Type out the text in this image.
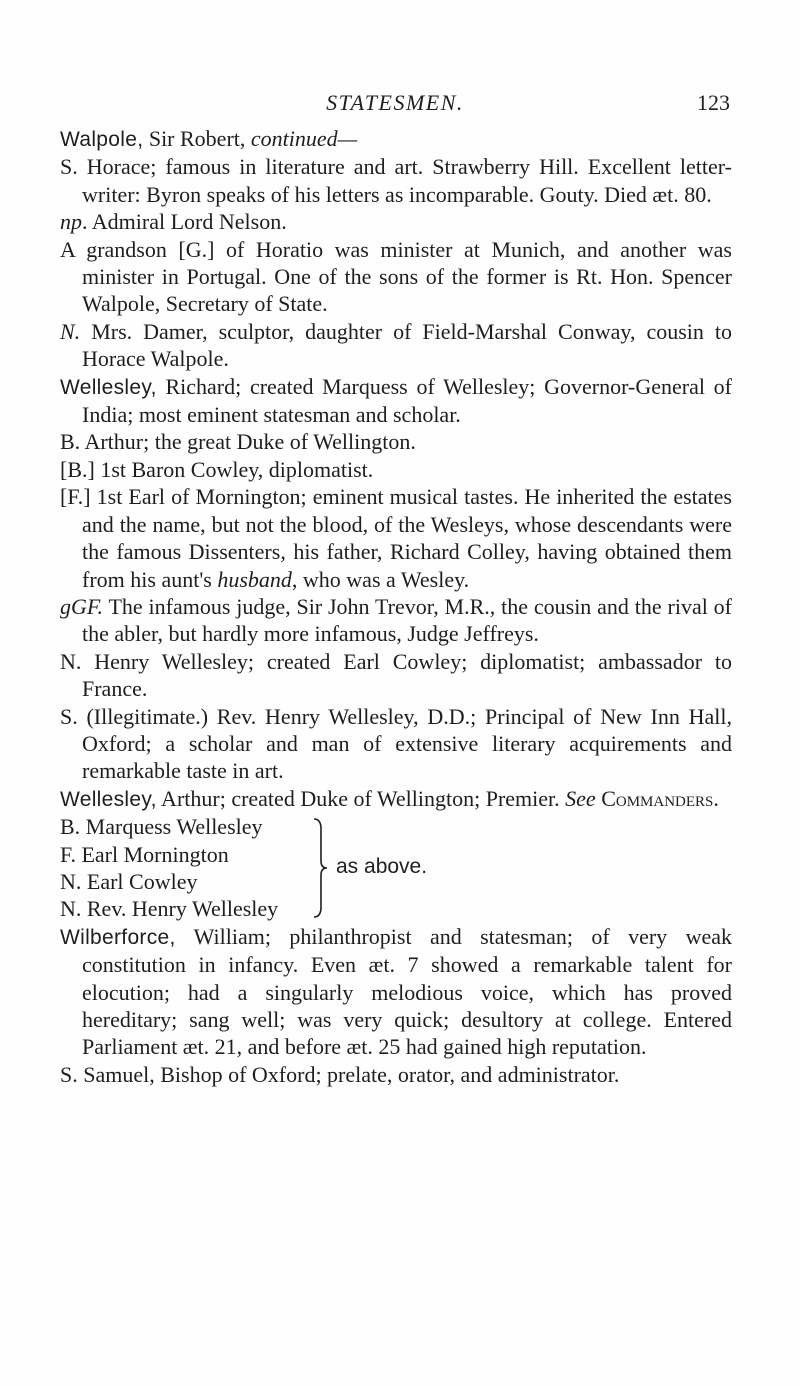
STATESMEN.	123
Walpole, Sir Robert, continued—
S. Horace; famous in literature and art. Strawberry Hill. Excellent letter-writer: Byron speaks of his letters as incomparable. Gouty. Died æt. 80.
np. Admiral Lord Nelson.
A grandson [G.] of Horatio was minister at Munich, and another was minister in Portugal. One of the sons of the former is Rt. Hon. Spencer Walpole, Secretary of State.
N. Mrs. Damer, sculptor, daughter of Field-Marshal Conway, cousin to Horace Walpole.
Wellesley, Richard; created Marquess of Wellesley; Governor-General of India; most eminent statesman and scholar.
B. Arthur; the great Duke of Wellington.
[B.] 1st Baron Cowley, diplomatist.
[F.] 1st Earl of Mornington; eminent musical tastes. He inherited the estates and the name, but not the blood, of the Wesleys, whose descendants were the famous Dissenters, his father, Richard Colley, having obtained them from his aunt's husband, who was a Wesley.
gGF. The infamous judge, Sir John Trevor, M.R., the cousin and the rival of the abler, but hardly more infamous, Judge Jeffreys.
N. Henry Wellesley; created Earl Cowley; diplomatist; ambassador to France.
S. (Illegitimate.) Rev. Henry Wellesley, D.D.; Principal of New Inn Hall, Oxford; a scholar and man of extensive literary acquirements and remarkable taste in art.
Wellesley, Arthur; created Duke of Wellington; Premier. See Commanders.
B. Marquess Wellesley
F. Earl Mornington
N. Earl Cowley
N. Rev. Henry Wellesley
as above.
Wilberforce, William; philanthropist and statesman; of very weak constitution in infancy. Even æt. 7 showed a remarkable talent for elocution; had a singularly melodious voice, which has proved hereditary; sang well; was very quick; desultory at college. Entered Parliament æt. 21, and before æt. 25 had gained high reputation.
S. Samuel, Bishop of Oxford; prelate, orator, and administrator.
